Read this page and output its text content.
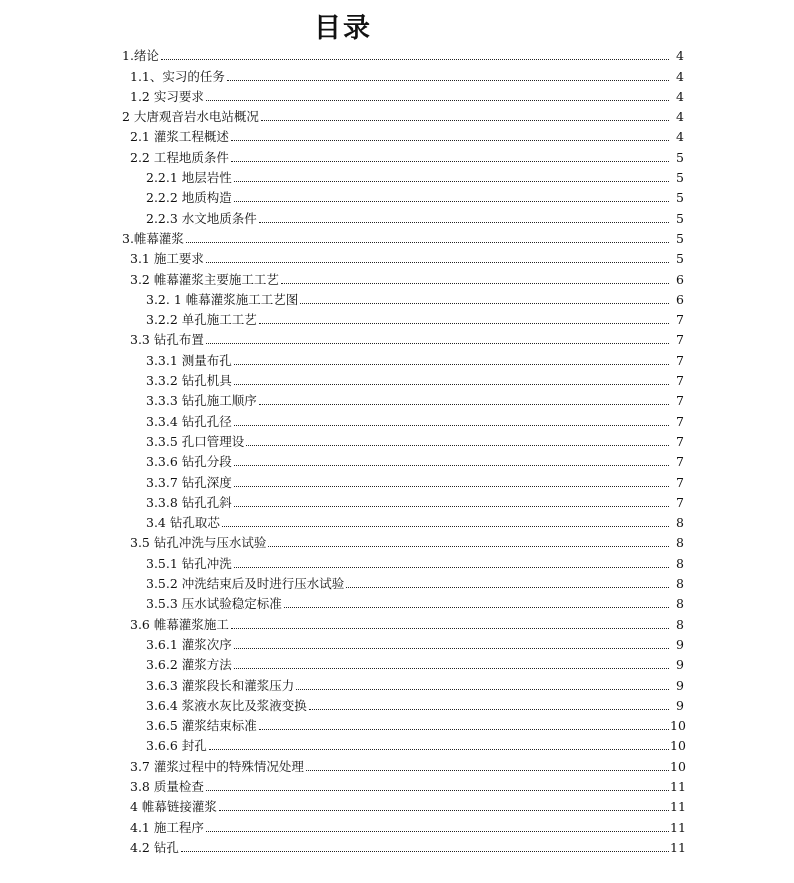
目录
1.绪论	4
1.1、实习的任务	4
1.2 实习要求	4
2 大唐观音岩水电站概况	4
2.1 灌浆工程概述	4
2.2 工程地质条件	5
2.2.1 地层岩性	5
2.2.2 地质构造	5
2.2.3 水文地质条件	5
3.帷幕灌浆	5
3.1 施工要求	5
3.2 帷幕灌浆主要施工工艺	6
3.2. 1 帷幕灌浆施工工艺图	6
3.2.2 单孔施工工艺	7
3.3 钻孔布置	7
3.3.1 测量布孔	7
3.3.2 钻孔机具	7
3.3.3 钻孔施工顺序	7
3.3.4 钻孔孔径	7
3.3.5 孔口管理设	7
3.3.6 钻孔分段	7
3.3.7 钻孔深度	7
3.3.8 钻孔孔斜	7
3.4 钻孔取芯	8
3.5 钻孔冲洗与压水试验	8
3.5.1 钻孔冲洗	8
3.5.2 冲洗结束后及时进行压水试验	8
3.5.3 压水试验稳定标准	8
3.6 帷幕灌浆施工	8
3.6.1 灌浆次序	9
3.6.2 灌浆方法	9
3.6.3 灌浆段长和灌浆压力	9
3.6.4 浆液水灰比及浆液变换	9
3.6.5 灌浆结束标准	10
3.6.6 封孔	10
3.7 灌浆过程中的特殊情况处理	10
3.8 质量检查	11
4 帷幕链接灌浆	11
4.1 施工程序	11
4.2 钻孔	11
